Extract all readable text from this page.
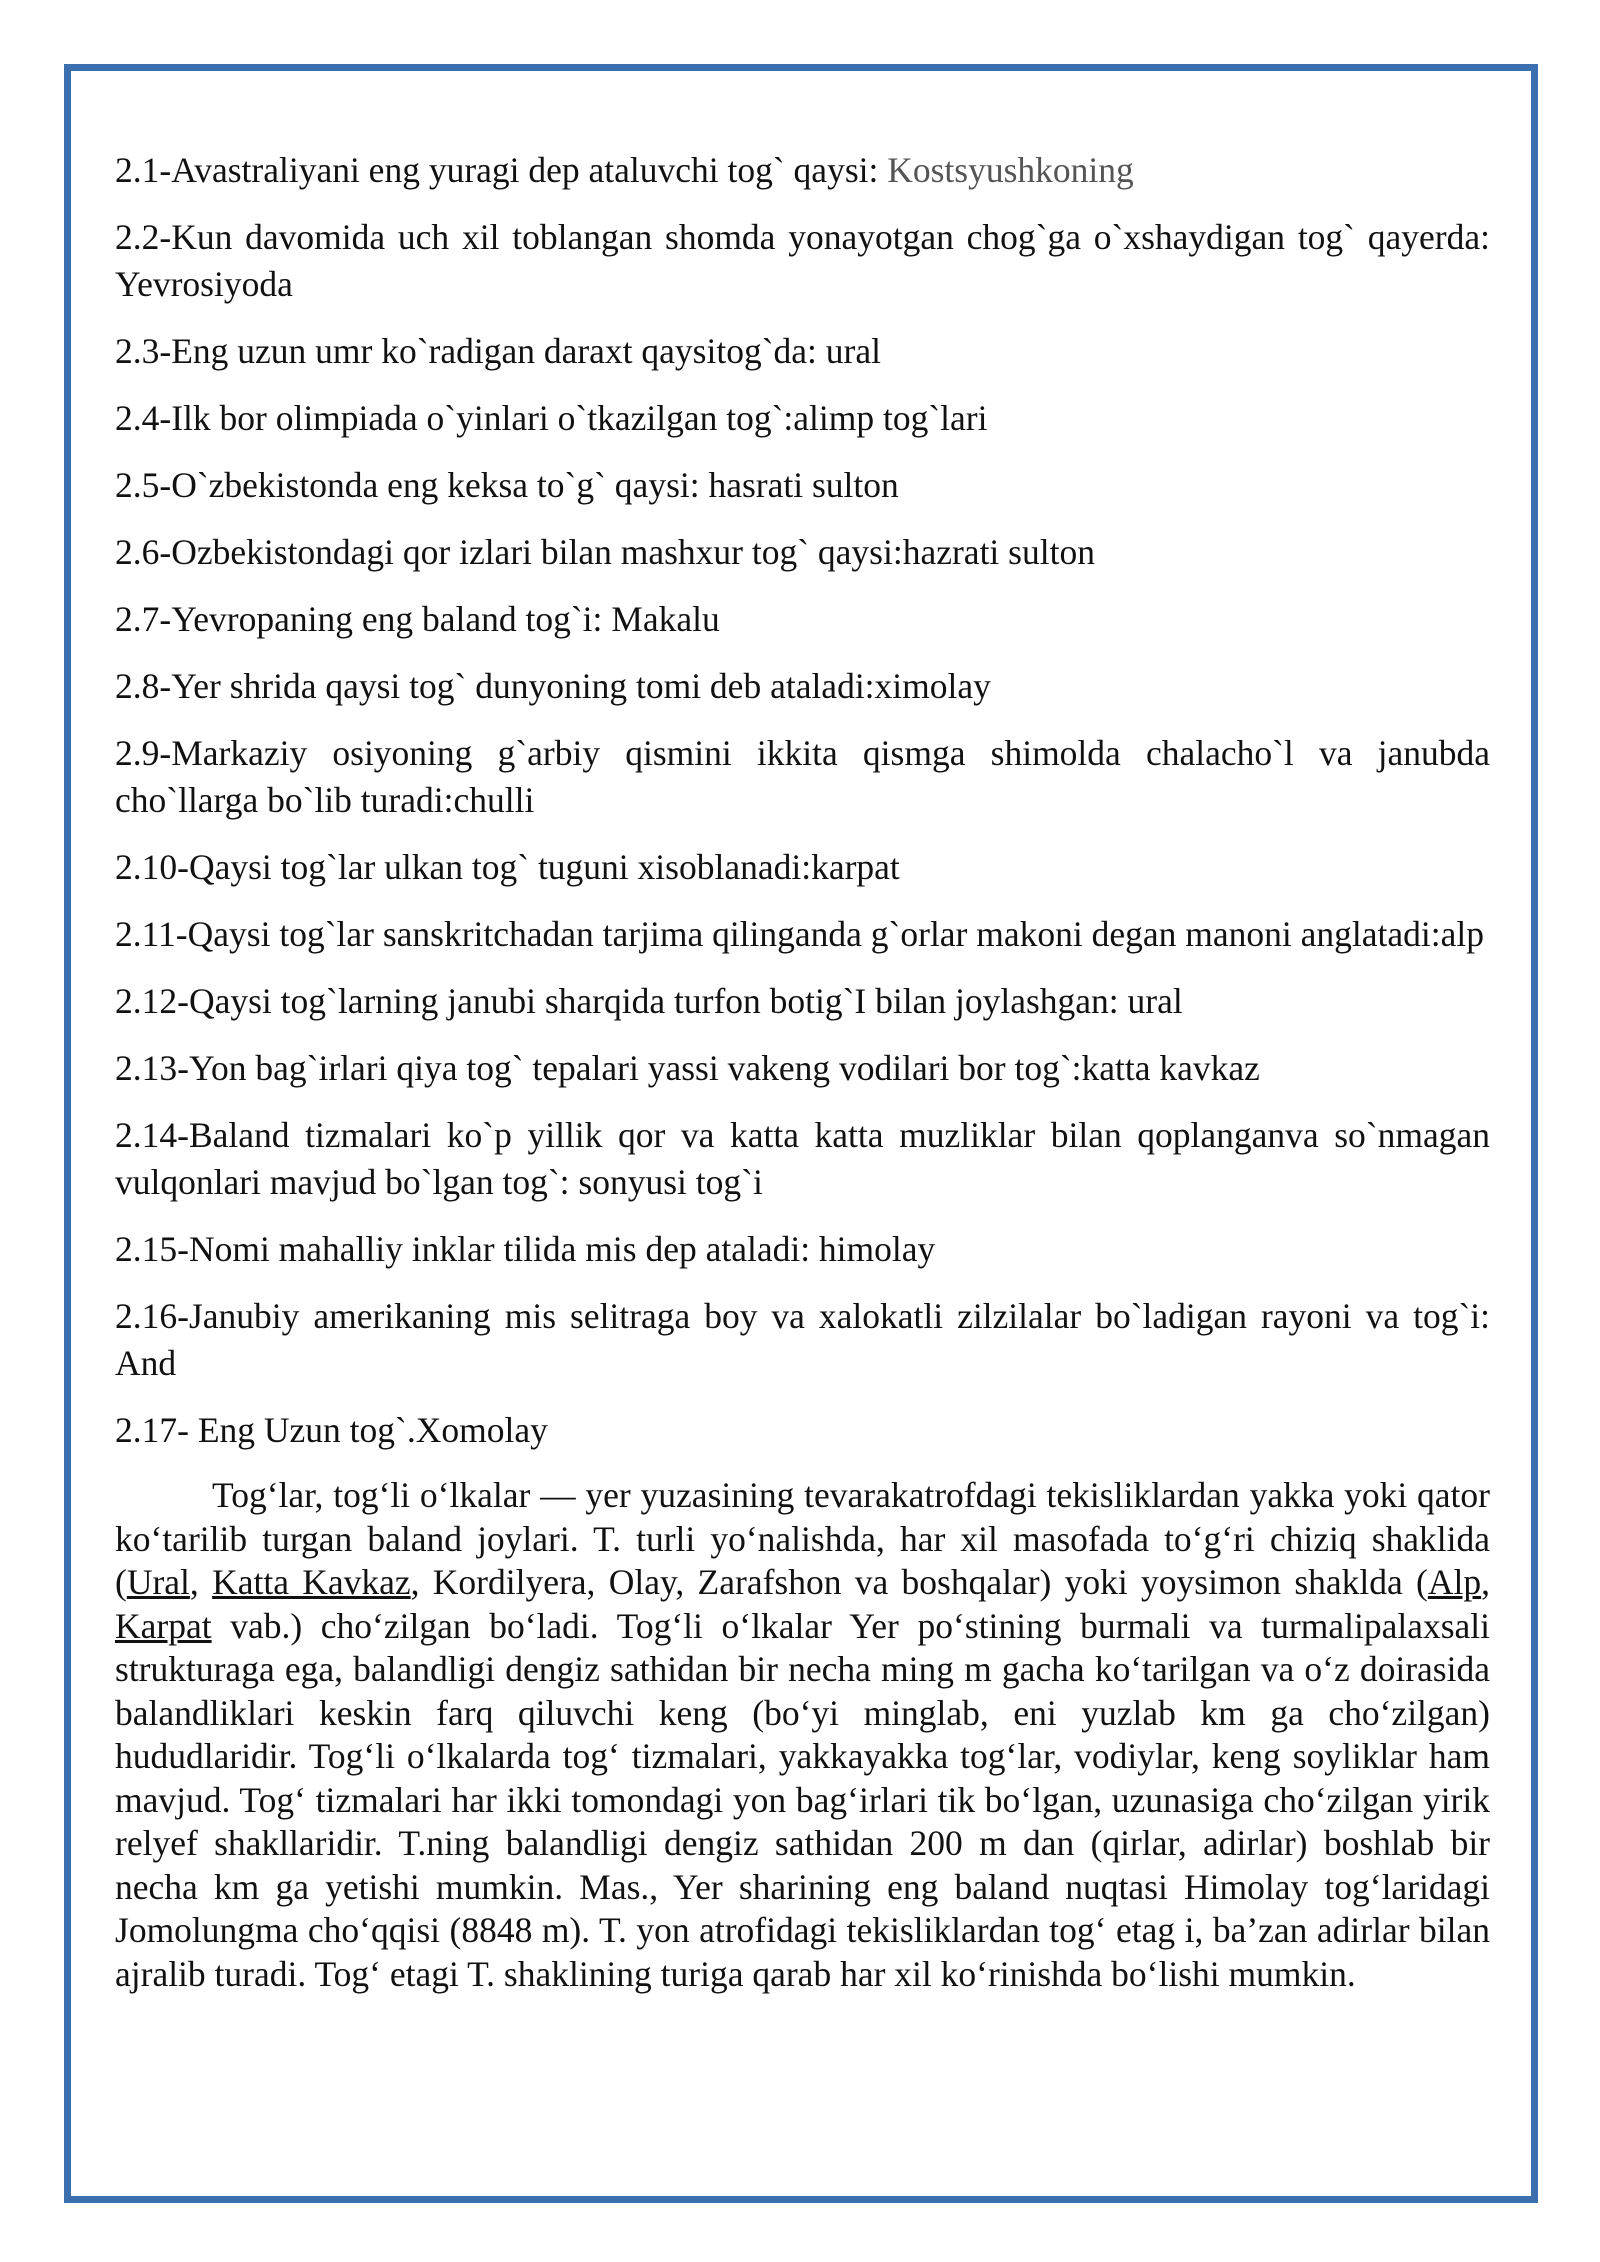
2.1-Avastraliyani eng yuragi dep ataluvchi tog` qaysi: Kostsyushkoning

2.2-Kun davomida uch xil toblangan shomda yonayotgan chog`ga o`xshaydigan tog` qayerda: Yevrosiyoda

2.3-Eng uzun umr ko`radigan daraxt qaysitog`da: ural

2.4-Ilk bor olimpiada o`yinlari o`tkazilgan tog`:alimp tog`lari

2.5-O`zbekistonda eng keksa to`g` qaysi: hasrati sulton

2.6-Ozbekistondagi qor izlari bilan mashxur tog` qaysi:hazrati sulton

2.7-Yevropaning eng baland tog`i: Makalu

2.8-Yer shrida qaysi tog` dunyoning tomi deb ataladi:ximolay

2.9-Markaziy osiyoning g`arbiy qismini ikkita qismga shimolda chalacho`l va janubda cho`llarga bo`lib turadi:chulli

2.10-Qaysi tog`lar ulkan tog` tuguni xisoblanadi:karpat

2.11-Qaysi tog`lar sanskritchadan tarjima qilinganda g`orlar makoni degan manoni anglatadi:alp

2.12-Qaysi tog`larning janubi sharqida turfon botig`I bilan joylashgan: ural

2.13-Yon bag`irlari qiya tog` tepalari yassi vakeng vodilari bor tog`:katta kavkaz

2.14-Baland tizmalari ko`p yillik qor va katta katta muzliklar bilan qoplanganva so`nmagan vulqonlari mavjud bo`lgan tog`: sonyusi tog`i

2.15-Nomi mahalliy inklar tilida mis dep ataladi: himolay

2.16-Janubiy amerikaning mis selitraga boy va xalokatli zilzilalar bo`ladigan rayoni va tog`i: And

2.17- Eng Uzun tog`.Xomolay

Tog‘lar, tog‘li o‘lkalar — yer yuzasining tevarakatrofdagi tekisliklardan yakka yoki qator ko‘tarilib turgan baland joylari. T. turli yo‘nalishda, har xil masofada to‘g‘ri chiziq shaklida (Ural, Katta Kavkaz, Kordilyera, Olay, Zarafshon va boshqalar) yoki yoysimon shaklda (Alp, Karpat vab.) cho‘zilgan bo‘ladi. Tog‘li o‘lkalar Yer po‘stining burmali va turmalipalaxsali strukturaga ega, balandligi dengiz sathidan bir necha ming m gacha ko‘tarilgan va o‘z doirasida balandliklari keskin farq qiluvchi keng (bo‘yi minglab, eni yuzlab km ga cho‘zilgan) hududlaridir. Tog‘li o‘lkalarda tog‘ tizmalari, yakkayakka tog‘lar, vodiylar, keng soyliklar ham mavjud. Tog‘ tizmalari har ikki tomondagi yon bag‘irlari tik bo‘lgan, uzunasiga cho‘zilgan yirik relyef shakllaridir. T.ning balandligi dengiz sathidan 200 m dan (qirlar, adirlar) boshlab bir necha km ga yetishi mumkin. Mas., Yer sharining eng baland nuqtasi Himolay tog‘laridagi Jomolungma cho‘qqisi (8848 m). T. yon atrofidagi tekisliklardan tog‘ etag i, ba’zan adirlar bilan ajralib turadi. Tog‘ etagi T. shaklining turiga qarab har xil ko‘rinishda bo‘lishi mumkin.
